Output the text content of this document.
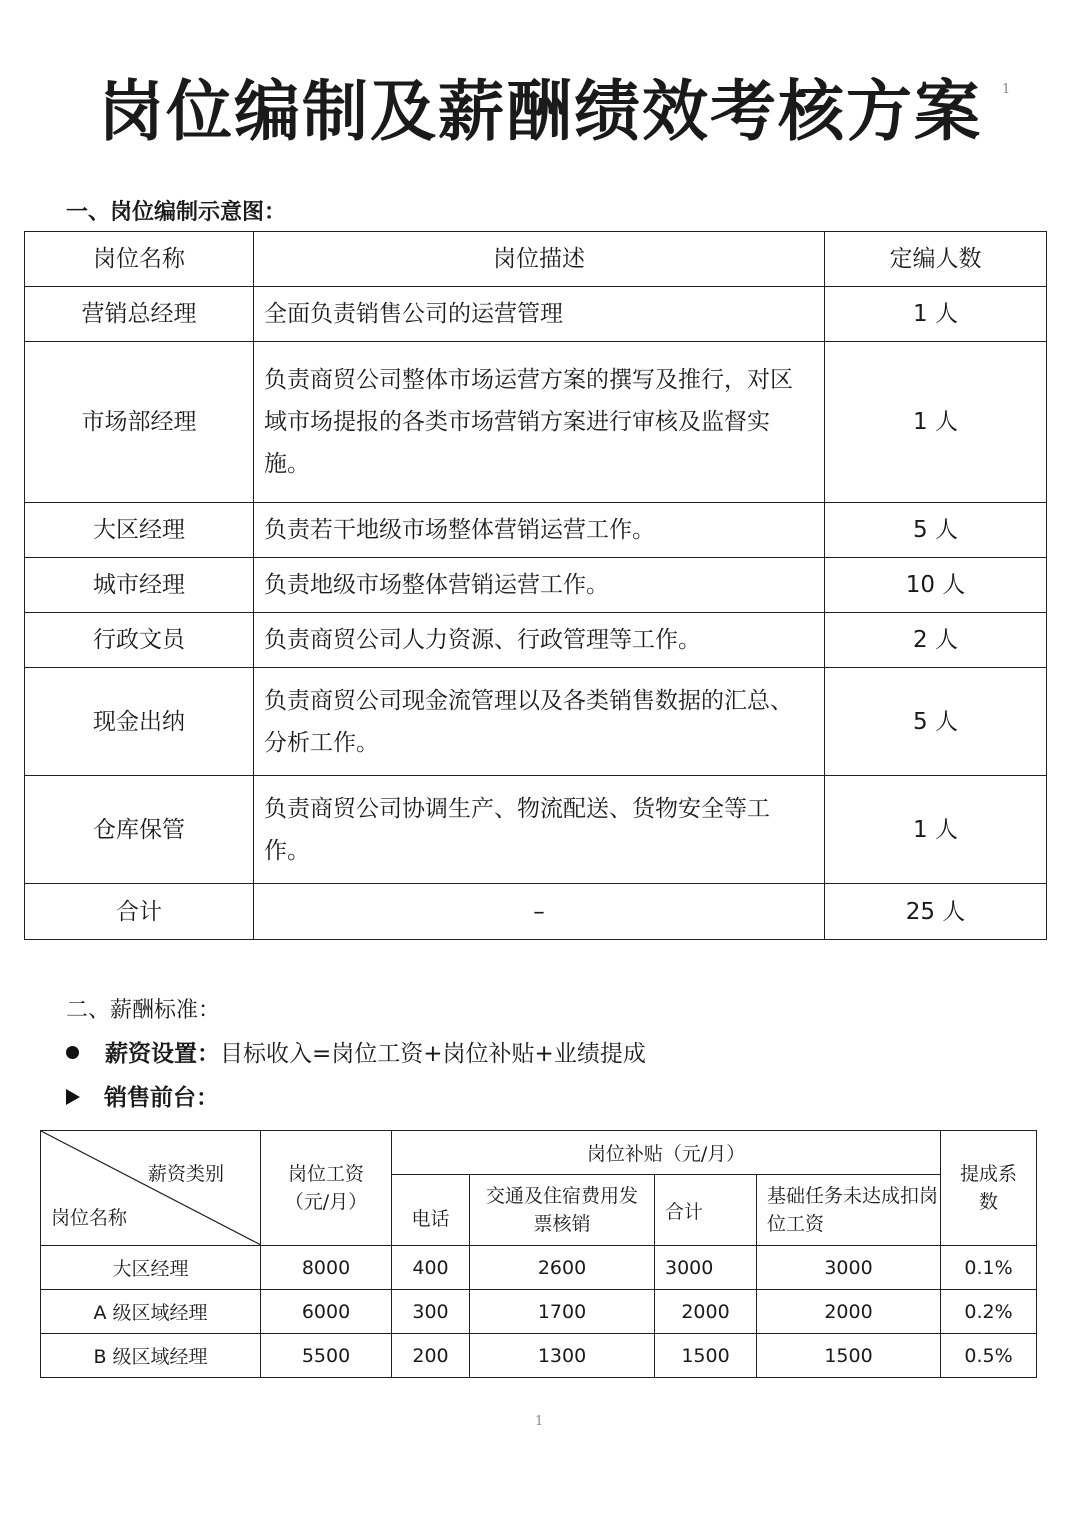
岗位编制及薪酬绩效考核方案	1
一、岗位编制示意图：
岗位名称	岗位描述	定编人数
营销总经理	全面负责销售公司的运营管理	1 人
市场部经理	负责商贸公司整体市场运营方案的撰写及推行，对区域市场提报的各类市场营销方案进行审核及监督实施。	1 人
大区经理	负责若干地级市场整体营销运营工作。	5 人
城市经理	负责地级市场整体营销运营工作。	10 人
行政文员	负责商贸公司人力资源、行政管理等工作。	2 人
现金出纳	负责商贸公司现金流管理以及各类销售数据的汇总、分析工作。	5 人
仓库保管	负责商贸公司协调生产、物流配送、货物安全等工作。	1 人
合计	–	25 人
二、薪酬标准：
薪资设置：目标收入=岗位工资+岗位补贴+业绩提成
销售前台：
薪资类别
岗位名称	岗位工资（元/月）	岗位补贴（元/月）				提成系数
		电话	交通及住宿费用发票核销	合计	基础任务未达成扣岗位工资	
大区经理	8000	400	2600	3000	3000	0.1%
A 级区域经理	6000	300	1700	2000	2000	0.2%
B 级区域经理	5500	200	1300	1500	1500	0.5%
1
